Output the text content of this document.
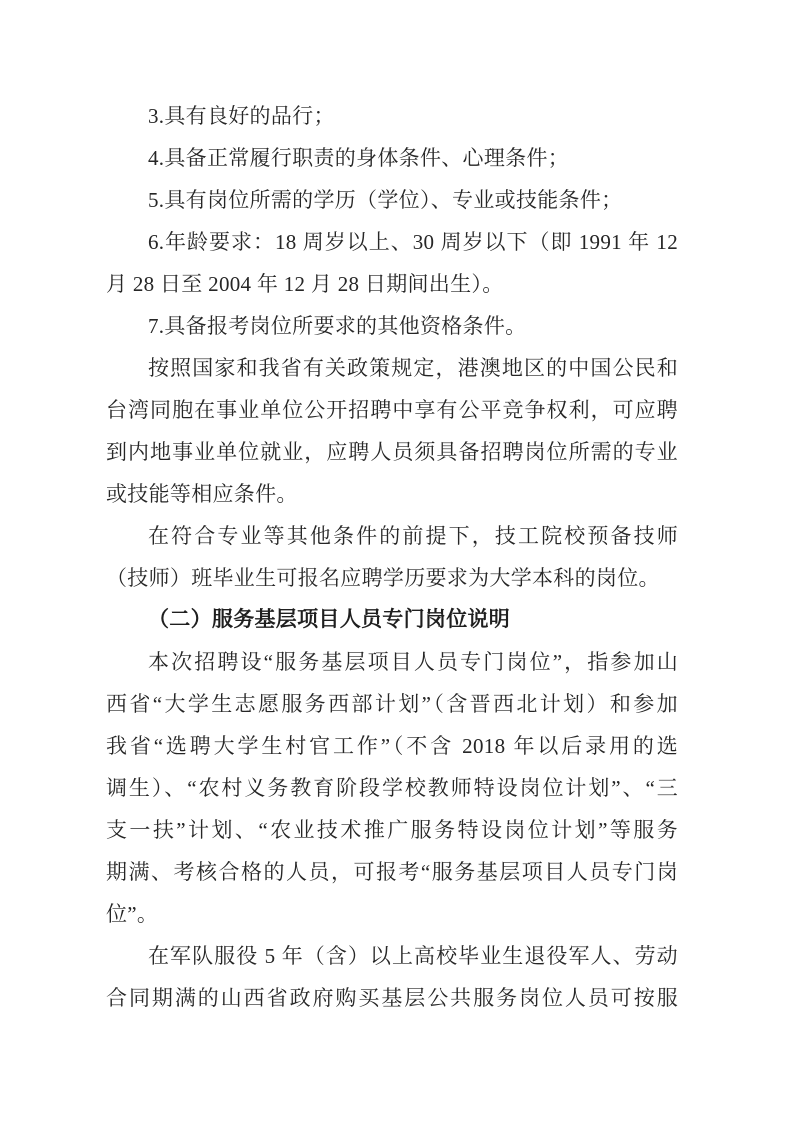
3.具有良好的品行；
4.具备正常履行职责的身体条件、心理条件；
5.具有岗位所需的学历（学位）、专业或技能条件；
6.年龄要求：18 周岁以上、30 周岁以下（即 1991 年 12
月 28 日至 2004 年 12 月 28 日期间出生）。
7.具备报考岗位所要求的其他资格条件。
按照国家和我省有关政策规定，港澳地区的中国公民和
台湾同胞在事业单位公开招聘中享有公平竞争权利，可应聘
到内地事业单位就业，应聘人员须具备招聘岗位所需的专业
或技能等相应条件。
在符合专业等其他条件的前提下，技工院校预备技师
（技师）班毕业生可报名应聘学历要求为大学本科的岗位。
（二）服务基层项目人员专门岗位说明
本次招聘设“服务基层项目人员专门岗位”，指参加山
西省“大学生志愿服务西部计划”（含晋西北计划）和参加
我省“选聘大学生村官工作”（不含 2018 年以后录用的选
调生）、“农村义务教育阶段学校教师特设岗位计划”、“三
支一扶”计划、“农业技术推广服务特设岗位计划”等服务
期满、考核合格的人员，可报考“服务基层项目人员专门岗
位”。
在军队服役 5 年（含）以上高校毕业生退役军人、劳动
合同期满的山西省政府购买基层公共服务岗位人员可按服
